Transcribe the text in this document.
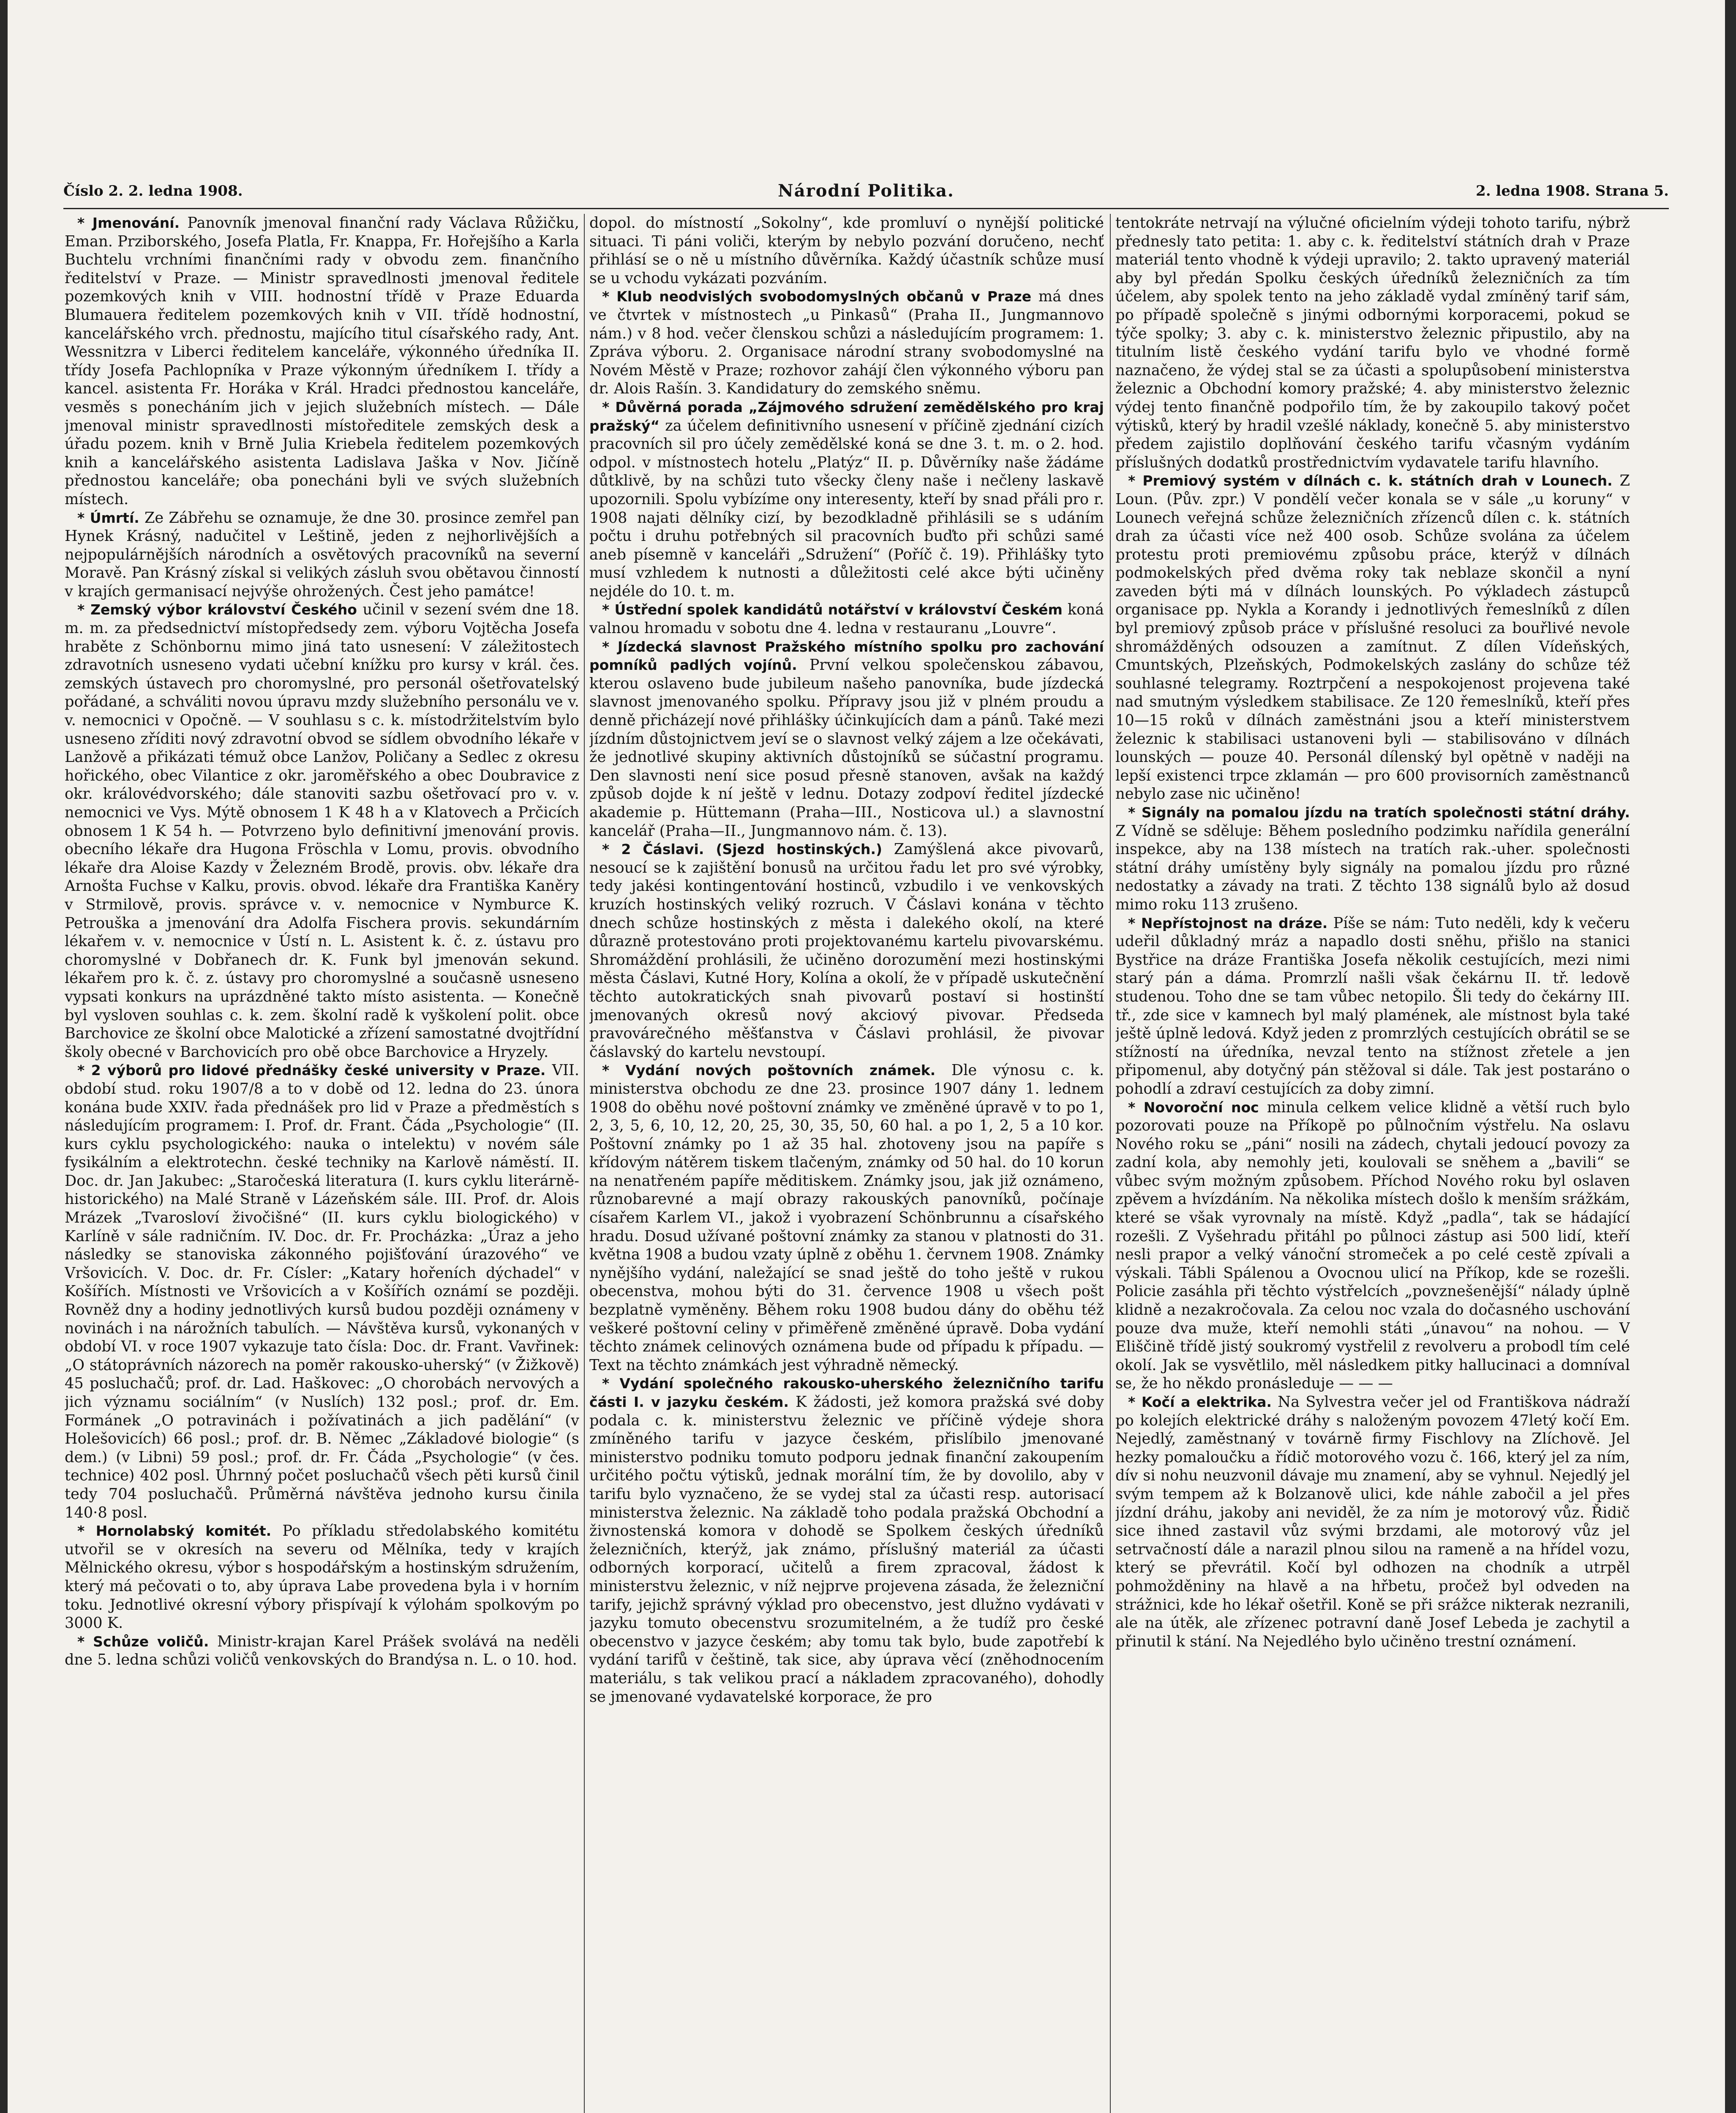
Číslo 2. 2. ledna 1908.	Národní Politika.	2. ledna 1908. Strana 5.

* Jmenování. Panovník jmenoval finanční rady Václava Růžičku, Eman. Prziborského, Josefa Platla, Fr. Knappa, Fr. Hořejšího a Karla Buchtelu vrchními finančními rady v obvodu zem. finančního ředitelství v Praze. — Ministr spravedlnosti jmenoval ředitele pozemkových knih v VIII. hodnostní třídě v Praze Eduarda Blumauera ředitelem pozemkových knih v VII. třídě hodnostní, kancelářského vrch. přednostu, majícího titul císařského rady, Ant. Wessnitzra v Liberci ředitelem kanceláře, výkonného úředníka II. třídy Josefa Pachlopníka v Praze výkonným úředníkem I. třídy a kancel. asistenta Fr. Horáka v Král. Hradci přednostou kanceláře, vesměs s ponecháním jich v jejich služebních místech. — Dále jmenoval ministr spravedlnosti místoředitele zemských desk a úřadu pozem. knih v Brně Julia Kriebela ředitelem pozemkových knih a kancelářského asistenta Ladislava Jaška v Nov. Jičíně přednostou kanceláře; oba ponecháni byli ve svých služebních místech.

* Úmrtí. Ze Zábřehu se oznamuje, že dne 30. prosince zemřel pan Hynek Krásný, nadučitel v Leštině, jeden z nejhorlivějších a nejpopulárnějších národních a osvětových pracovníků na severní Moravě. Pan Krásný získal si velikých zásluh svou obětavou činností v krajích germanisací nejvýše ohrožených. Čest jeho památce!

* Zemský výbor království Českého učinil v sezení svém dne 18. m. m. za předsednictví místopředsedy zem. výboru Vojtěcha Josefa hraběte z Schönbornu mimo jiná tato usnesení: V záležitostech zdravotních usneseno vydati učební knížku pro kursy v král. čes. zemských ústavech pro choromyslné, pro personál ošetřovatelský pořádané, a schváliti novou úpravu mzdy služebního personálu ve v. v. nemocnici v Opočně. — V souhlasu s c. k. místodržitelstvím bylo usneseno zříditi nový zdravotní obvod se sídlem obvodního lékaře v Lanžově a přikázati témuž obce Lanžov, Poličany a Sedlec z okresu hořického, obec Vilantice z okr. jaroměřského a obec Doubravice z okr. královédvorského; dále stanoviti sazbu ošetřovací pro v. v. nemocnici ve Vys. Mýtě obnosem 1 K 48 h a v Klatovech a Prčicích obnosem 1 K 54 h. — Potvrzeno bylo definitivní jmenování provis. obecního lékaře dra Hugona Fröschla v Lomu, provis. obvodního lékaře dra Aloise Kazdy v Železném Brodě, provis. obv. lékaře dra Arnošta Fuchse v Kalku, provis. obvod. lékaře dra Františka Kaněry v Strmilově, provis. správce v. v. nemocnice v Nymburce K. Petrouška a jmenování dra Adolfa Fischera provis. sekundárním lékařem v. v. nemocnice v Ústí n. L. Asistent k. č. z. ústavu pro choromyslné v Dobřanech dr. K. Funk byl jmenován sekund. lékařem pro k. č. z. ústavy pro choromyslné a současně usneseno vypsati konkurs na uprázdněné takto místo asistenta. — Konečně byl vysloven souhlas c. k. zem. školní radě k vyškolení polit. obce Barchovice ze školní obce Malotické a zřízení samostatné dvojtřídní školy obecné v Barchovicích pro obě obce Barchovice a Hryzely.

* 2 výborů pro lidové přednášky české university v Praze. VII. období stud. roku 1907/8 a to v době od 12. ledna do 23. února konána bude XXIV. řada přednášek pro lid v Praze a předměstích s následujícím programem: I. Prof. dr. Frant. Čáda „Psychologie“ (II. kurs cyklu psychologického: nauka o intelektu) v novém sále fysikálním a elektrotechn. české techniky na Karlově náměstí. II. Doc. dr. Jan Jakubec: „Staročeská literatura (I. kurs cyklu literárně-historického) na Malé Straně v Lázeňském sále. III. Prof. dr. Alois Mrázek „Tvarosloví živočišné“ (II. kurs cyklu biologického) v Karlíně v sále radničním. IV. Doc. dr. Fr. Procházka: „Úraz a jeho následky se stanoviska zákonného pojišťování úrazového“ ve Vršovicích. V. Doc. dr. Fr. Císler: „Katary hořeních dýchadel“ v Košířích. Místnosti ve Vršovicích a v Košířích oznámí se později. Rovněž dny a hodiny jednotlivých kursů budou později oznámeny v novinách i na nárožních tabulích. — Návštěva kursů, vykonaných v období VI. v roce 1907 vykazuje tato čísla: Doc. dr. Frant. Vavřinek: „O státoprávních názorech na poměr rakousko-uherský“ (v Žižkově) 45 posluchačů; prof. dr. Lad. Haškovec: „O chorobách nervových a jich významu sociálním“ (v Nuslích) 132 posl.; prof. dr. Em. Formánek „O potravinách i požívatinách a jich padělání“ (v Holešovicích) 66 posl.; prof. dr. B. Němec „Základové biologie“ (s dem.) (v Libni) 59 posl.; prof. dr. Fr. Čáda „Psychologie“ (v čes. technice) 402 posl. Úhrnný počet posluchačů všech pěti kursů činil tedy 704 posluchačů. Průměrná návštěva jednoho kursu činila 140·8 posl.

* Hornolabský komitét. Po příkladu středolabského komitétu utvořil se v okresích na severu od Mělníka, tedy v krajích Mělnického okresu, výbor s hospodářským a hostinským sdružením, který má pečovati o to, aby úprava Labe provedena byla i v horním toku. Jednotlivé okresní výbory přispívají k výlohám spolkovým po 3000 K.

* Schůze voličů. Ministr-krajan Karel Prášek svolává na neděli dne 5. ledna schůzi voličů venkovských do Brandýsa n. L. o 10. hod.

dopol. do místností „Sokolny“, kde promluví o nynější politické situaci. Ti páni voliči, kterým by nebylo pozvání doručeno, nechť přihlásí se o ně u místního důvěrníka. Každý účastník schůze musí se u vchodu vykázati pozváním.

* Klub neodvislých svobodomyslných občanů v Praze má dnes ve čtvrtek v místnostech „u Pinkasů“ (Praha II., Jungmannovo nám.) v 8 hod. večer členskou schůzi a následujícím programem: 1. Zpráva výboru. 2. Organisace národní strany svobodomyslné na Novém Městě v Praze; rozhovor zahájí člen výkonného výboru pan dr. Alois Rašín. 3. Kandidatury do zemského sněmu.

* Důvěrná porada „Zájmového sdružení zemědělského pro kraj pražský“ za účelem definitivního usnesení v příčině zjednání cizích pracovních sil pro účely zemědělské koná se dne 3. t. m. o 2. hod. odpol. v místnostech hotelu „Platýz“ II. p. Důvěrníky naše žádáme důtklivě, by na schůzi tuto všecky členy naše i nečleny laskavě upozornili. Spolu vybízíme ony interesenty, kteří by snad přáli pro r. 1908 najati dělníky cizí, by bezodkladně přihlásili se s udáním počtu i druhu potřebných sil pracovních buďto při schůzi samé aneb písemně v kanceláři „Sdružení“ (Poříč č. 19). Přihlášky tyto musí vzhledem k nutnosti a důležitosti celé akce býti učiněny nejdéle do 10. t. m.

* Ústřední spolek kandidátů notářství v království Českém koná valnou hromadu v sobotu dne 4. ledna v restauranu „Louvre“.

* Jízdecká slavnost Pražského místního spolku pro zachování pomníků padlých vojínů. První velkou společenskou zábavou, kterou oslaveno bude jubileum našeho panovníka, bude jízdecká slavnost jmenovaného spolku. Přípravy jsou již v plném proudu a denně přicházejí nové přihlášky účinkujících dam a pánů. Také mezi jízdním důstojnictvem jeví se o slavnost velký zájem a lze očekávati, že jednotlivé skupiny aktivních důstojníků se súčastní programu. Den slavnosti není sice posud přesně stanoven, avšak na každý způsob dojde k ní ještě v lednu. Dotazy zodpoví ředitel jízdecké akademie p. Hüttemann (Praha—III., Nosticova ul.) a slavnostní kancelář (Praha—II., Jungmannovo nám. č. 13).

* 2 Čáslavi. (Sjezd hostinských.) Zamýšlená akce pivovarů, nesoucí se k zajištění bonusů na určitou řadu let pro své výrobky, tedy jakési kontingentování hostinců, vzbudilo i ve venkovských kruzích hostinských veliký rozruch. V Čáslavi konána v těchto dnech schůze hostinských z města i dalekého okolí, na které důrazně protestováno proti projektovanému kartelu pivovarskému. Shromáždění prohlásili, že učiněno dorozumění mezi hostinskými města Čáslavi, Kutné Hory, Kolína a okolí, že v případě uskutečnění těchto autokratických snah pivovarů postaví si hostinští jmenovaných okresů nový akciový pivovar. Předseda pravovárečného měšťanstva v Čáslavi prohlásil, že pivovar čáslavský do kartelu nevstoupí.

* Vydání nových poštovních známek. Dle výnosu c. k. ministerstva obchodu ze dne 23. prosince 1907 dány 1. lednem 1908 do oběhu nové poštovní známky ve změněné úpravě v to po 1, 2, 3, 5, 6, 10, 12, 20, 25, 30, 35, 50, 60 hal. a po 1, 2, 5 a 10 kor. Poštovní známky po 1 až 35 hal. zhotoveny jsou na papíře s křídovým nátěrem tiskem tlačeným, známky od 50 hal. do 10 korun na nenatřeném papíře měditiskem. Známky jsou, jak již oznámeno, různobarevné a mají obrazy rakouských panovníků, počínaje císařem Karlem VI., jakož i vyobrazení Schönbrunnu a císařského hradu. Dosud užívané poštovní známky za stanou v platnosti do 31. května 1908 a budou vzaty úplně z oběhu 1. červnem 1908. Známky nynějšího vydání, naležající se snad ještě do toho ještě v rukou obecenstva, mohou býti do 31. července 1908 u všech pošt bezplatně vyměněny. Během roku 1908 budou dány do oběhu též veškeré poštovní celiny v přiměřeně změněné úpravě. Doba vydání těchto známek celinových oznámena bude od případu k případu. — Text na těchto známkách jest výhradně německý.

* Vydání společného rakousko-uherského železničního tarifu části I. v jazyku českém. K žádosti, jež komora pražská své doby podala c. k. ministerstvu železnic ve příčině výdeje shora zmíněného tarifu v jazyce českém, přislíbilo jmenované ministerstvo podniku tomuto podporu jednak finanční zakoupením určitého počtu výtisků, jednak morální tím, že by dovolilo, aby v tarifu bylo vyznačeno, že se vydej stal za účasti resp. autorisací ministerstva železnic. Na základě toho podala pražská Obchodní a živnostenská komora v dohodě se Spolkem českých úředníků železničních, kterýž, jak známo, příslušný materiál za účasti odborných korporací, učitelů a firem zpracoval, žádost k ministerstvu železnic, v níž nejprve projevena zásada, že železniční tarify, jejichž správný výklad pro obecenstvo, jest dlužno vydávati v jazyku tomuto obecenstvu srozumitelném, a že tudíž pro české obecenstvo v jazyce českém; aby tomu tak bylo, bude zapotřebí k vydání tarifů v češtině, tak sice, aby úprava věcí (zněhodnocením materiálu, s tak velikou prací a nákladem zpracovaného), dohodly se jmenované vydavatelské korporace, že pro

tentokráte netrvají na výlučné oficielním výdeji tohoto tarifu, nýbrž přednesly tato petita: 1. aby c. k. ředitelství státních drah v Praze materiál tento vhodně k výdeji upravilo; 2. takto upravený materiál aby byl předán Spolku českých úředníků železničních za tím účelem, aby spolek tento na jeho základě vydal zmíněný tarif sám, po případě společně s jinými odbornými korporacemi, pokud se týče spolky; 3. aby c. k. ministerstvo železnic připustilo, aby na titulním listě českého vydání tarifu bylo ve vhodné formě naznačeno, že výdej stal se za účasti a spolupůsobení ministerstva železnic a Obchodní komory pražské; 4. aby ministerstvo železnic výdej tento finančně podpořilo tím, že by zakoupilo takový počet výtisků, který by hradil vzešlé náklady, konečně 5. aby ministerstvo předem zajistilo doplňování českého tarifu včasným vydáním příslušných dodatků prostřednictvím vydavatele tarifu hlavního.

* Premiový systém v dílnách c. k. státních drah v Lounech. Z Loun. (Pův. zpr.) V pondělí večer konala se v sále „u koruny“ v Lounech veřejná schůze železničních zřízenců dílen c. k. státních drah za účasti více než 400 osob. Schůze svolána za účelem protestu proti premiovému způsobu práce, kterýž v dílnách podmokelských před dvěma roky tak neblaze skončil a nyní zaveden býti má v dílnách lounských. Po výkladech zástupců organisace pp. Nykla a Korandy i jednotlivých řemeslníků z dílen byl premiový způsob práce v příslušné resoluci za bouřlivé nevole shromážděných odsouzen a zamítnut. Z dílen Vídeňských, Cmuntských, Plzeňských, Podmokelských zaslány do schůze též souhlasné telegramy. Roztrpčení a nespokojenost projevena také nad smutným výsledkem stabilisace. Ze 120 řemeslníků, kteří přes 10—15 roků v dílnách zaměstnáni jsou a kteří ministerstvem železnic k stabilisaci ustanoveni byli — stabilisováno v dílnách lounských — pouze 40. Personál dílenský byl opětně v naději na lepší existenci trpce zklamán — pro 600 provisorních zaměstnanců nebylo zase nic učiněno!

* Signály na pomalou jízdu na tratích společnosti státní dráhy. Z Vídně se sděluje: Během posledního podzimku nařídila generální inspekce, aby na 138 místech na tratích rak.-uher. společnosti státní dráhy umístěny byly signály na pomalou jízdu pro různé nedostatky a závady na trati. Z těchto 138 signálů bylo až dosud mimo roku 113 zrušeno.

* Nepřístojnost na dráze. Píše se nám: Tuto neděli, kdy k večeru udeřil důkladný mráz a napadlo dosti sněhu, přišlo na stanici Bystřice na dráze Františka Josefa několik cestujících, mezi nimi starý pán a dáma. Promrzlí našli však čekárnu II. tř. ledově studenou. Toho dne se tam vůbec netopilo. Šli tedy do čekárny III. tř., zde sice v kamnech byl malý plamének, ale místnost byla také ještě úplně ledová. Když jeden z promrzlých cestujících obrátil se se stížností na úředníka, nevzal tento na stížnost zřetele a jen připomenul, aby dotyčný pán stěžoval si dále. Tak jest postaráno o pohodlí a zdraví cestujících za doby zimní.

* Novoroční noc minula celkem velice klidně a větší ruch bylo pozorovati pouze na Příkopě po půlnočním výstřelu. Na oslavu Nového roku se „páni“ nosili na zádech, chytali jedoucí povozy za zadní kola, aby nemohly jeti, koulovali se sněhem a „bavili“ se vůbec svým možným způsobem. Příchod Nového roku byl oslaven zpěvem a hvízdáním. Na několika místech došlo k menším srážkám, které se však vyrovnaly na místě. Když „padla“, tak se hádající rozešli. Z Vyšehradu přitáhl po půlnoci zástup asi 500 lidí, kteří nesli prapor a velký vánoční stromeček a po celé cestě zpívali a výskali. Tábli Spálenou a Ovocnou ulicí na Příkop, kde se rozešli. Policie zasáhla při těchto výstřelcích „povznešenější“ nálady úplně klidně a nezakročovala. Za celou noc vzala do dočasného uschování pouze dva muže, kteří nemohli státi „únavou“ na nohou. — V Eliščině třídě jistý soukromý vystřelil z revolveru a probodl tím celé okolí. Jak se vysvětlilo, měl následkem pitky hallucinaci a domníval se, že ho někdo pronásleduje — — —

* Kočí a elektrika. Na Sylvestra večer jel od Františkova nádraží po kolejích elektrické dráhy s naloženým povozem 47letý kočí Em. Nejedlý, zaměstnaný v továrně firmy Fischlovy na Zlíchově. Jel hezky pomaloučku a řídič motorového vozu č. 166, který jel za ním, dív si nohu neuzvonil dávaje mu znamení, aby se vyhnul. Nejedlý jel svým tempem až k Bolzanově ulici, kde náhle zabočil a jel přes jízdní dráhu, jakoby ani neviděl, že za ním je motorový vůz. Řidič sice ihned zastavil vůz svými brzdami, ale motorový vůz jel setrvačností dále a narazil plnou silou na rameně a na hřídel vozu, který se převrátil. Kočí byl odhozen na chodník a utrpěl pohmožděniny na hlavě a na hřbetu, pročež byl odveden na strážnici, kde ho lékař ošetřil. Koně se při srážce nikterak nezranili, ale na útěk, ale zřízenec potravní daně Josef Lebeda je zachytil a přinutil k stání. Na Nejedlého bylo učiněno trestní oznámení.
